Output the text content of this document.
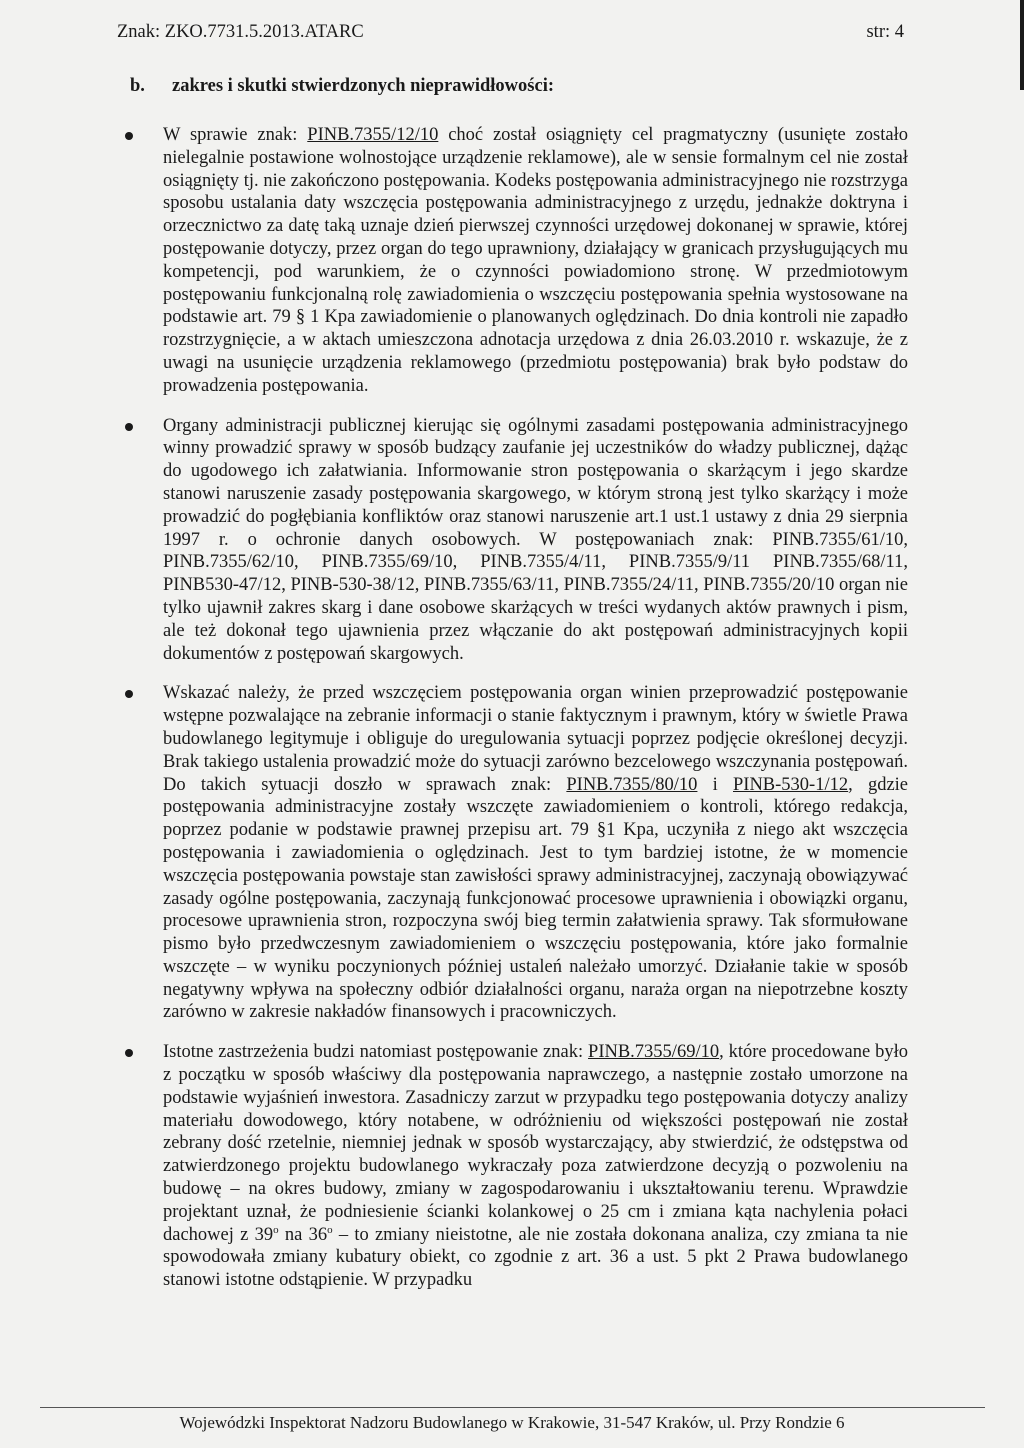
Znak: ZKO.7731.5.2013.ATARC	str: 4
b. zakres i skutki stwierdzonych nieprawidłowości:
W sprawie znak: PINB.7355/12/10 choć został osiągnięty cel pragmatyczny (usunięte zostało nielegalnie postawione wolnostojące urządzenie reklamowe), ale w sensie formalnym cel nie został osiągnięty tj. nie zakończono postępowania. Kodeks postępowania administracyjnego nie rozstrzyga sposobu ustalania daty wszczęcia postępowania administracyjnego z urzędu, jednakże doktryna i orzecznictwo za datę taką uznaje dzień pierwszej czynności urzędowej dokonanej w sprawie, której postępowanie dotyczy, przez organ do tego uprawniony, działający w granicach przysługujących mu kompetencji, pod warunkiem, że o czynności powiadomiono stronę. W przedmiotowym postępowaniu funkcjonalną rolę zawiadomienia o wszczęciu postępowania spełnia wystosowane na podstawie art. 79 § 1 Kpa zawiadomienie o planowanych oględzinach. Do dnia kontroli nie zapadło rozstrzygnięcie, a w aktach umieszczona adnotacja urzędowa z dnia 26.03.2010 r. wskazuje, że z uwagi na usunięcie urządzenia reklamowego (przedmiotu postępowania) brak było podstaw do prowadzenia postępowania.
Organy administracji publicznej kierując się ogólnymi zasadami postępowania administracyjnego winny prowadzić sprawy w sposób budzący zaufanie jej uczestników do władzy publicznej, dążąc do ugodowego ich załatwiania. Informowanie stron postępowania o skarżącym i jego skardze stanowi naruszenie zasady postępowania skargowego, w którym stroną jest tylko skarżący i może prowadzić do pogłębiania konfliktów oraz stanowi naruszenie art.1 ust.1 ustawy z dnia 29 sierpnia 1997 r. o ochronie danych osobowych. W postępowaniach znak: PINB.7355/61/10, PINB.7355/62/10, PINB.7355/69/10, PINB.7355/4/11, PINB.7355/9/11 PINB.7355/68/11, PINB530-47/12, PINB-530-38/12, PINB.7355/63/11, PINB.7355/24/11, PINB.7355/20/10 organ nie tylko ujawnił zakres skarg i dane osobowe skarżących w treści wydanych aktów prawnych i pism, ale też dokonał tego ujawnienia przez włączanie do akt postępowań administracyjnych kopii dokumentów z postępowań skargowych.
Wskazać należy, że przed wszczęciem postępowania organ winien przeprowadzić postępowanie wstępne pozwalające na zebranie informacji o stanie faktycznym i prawnym, który w świetle Prawa budowlanego legitymuje i obliguje do uregulowania sytuacji poprzez podjęcie określonej decyzji. Brak takiego ustalenia prowadzić może do sytuacji zarówno bezcelowego wszczynania postępowań. Do takich sytuacji doszło w sprawach znak: PINB.7355/80/10 i PINB-530-1/12, gdzie postępowania administracyjne zostały wszczęte zawiadomieniem o kontroli, którego redakcja, poprzez podanie w podstawie prawnej przepisu art. 79 §1 Kpa, uczyniła z niego akt wszczęcia postępowania i zawiadomienia o oględzinach. Jest to tym bardziej istotne, że w momencie wszczęcia postępowania powstaje stan zawisłości sprawy administracyjnej, zaczynają obowiązywać zasady ogólne postępowania, zaczynają funkcjonować procesowe uprawnienia i obowiązki organu, procesowe uprawnienia stron, rozpoczyna swój bieg termin załatwienia sprawy. Tak sformułowane pismo było przedwczesnym zawiadomieniem o wszczęciu postępowania, które jako formalnie wszczęte – w wyniku poczynionych później ustaleń należało umorzyć. Działanie takie w sposób negatywny wpływa na społeczny odbiór działalności organu, naraża organ na niepotrzebne koszty zarówno w zakresie nakładów finansowych i pracowniczych.
Istotne zastrzeżenia budzi natomiast postępowanie znak: PINB.7355/69/10, które procedowane było z początku w sposób właściwy dla postępowania naprawczego, a następnie zostało umorzone na podstawie wyjaśnień inwestora. Zasadniczy zarzut w przypadku tego postępowania dotyczy analizy materiału dowodowego, który notabene, w odróżnieniu od większości postępowań nie został zebrany dość rzetelnie, niemniej jednak w sposób wystarczający, aby stwierdzić, że odstępstwa od zatwierdzonego projektu budowlanego wykraczały poza zatwierdzone decyzją o pozwoleniu na budowę – na okres budowy, zmiany w zagospodarowaniu i ukształtowaniu terenu. Wprawdzie projektant uznał, że podniesienie ścianki kolankowej o 25 cm i zmiana kąta nachylenia połaci dachowej z 39$^o$ na 36$^o$ – to zmiany nieistotne, ale nie została dokonana analiza, czy zmiana ta nie spowodowała zmiany kubatury obiekt, co zgodnie z art. 36 a ust. 5 pkt 2 Prawa budowlanego stanowi istotne odstąpienie. W przypadku
Wojewódzki Inspektorat Nadzoru Budowlanego w Krakowie, 31-547 Kraków, ul. Przy Rondzie 6
